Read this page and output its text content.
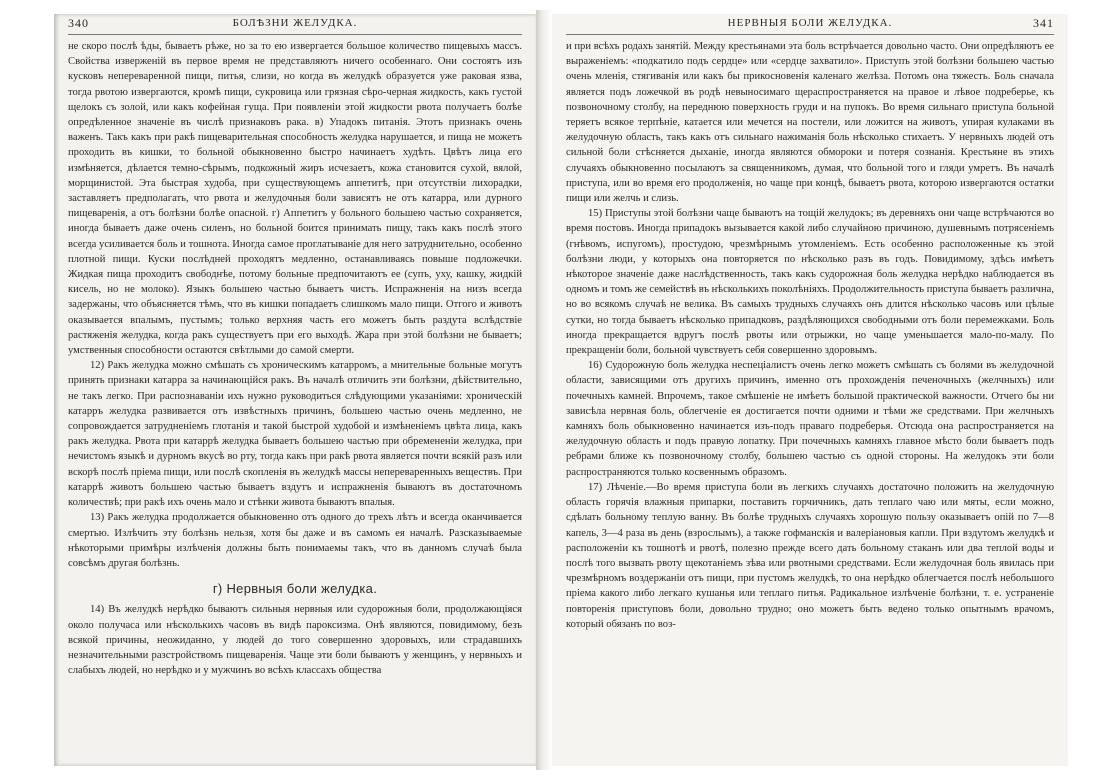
340	БОЛѢЗНИ ЖЕЛУДКА.

не скоро послѣ ѣды, бываетъ рѣже, но за то ею извергается большое количество пищевыхъ массъ. Свойства изверженій въ первое время не представляютъ ничего особеннаго. Они состоятъ изъ кусковъ непереваренной пищи, питья, слизи, но когда въ желудкѣ образуется уже раковая язва, тогда рвотою извергаются, кромѣ пищи, сукровица или грязная сѣро-черная жидкость, какъ густой щелокъ съ золой, или какъ кофейная гуща. При появленіи этой жидкости рвота получаетъ болѣе опредѣленное значеніе въ числѣ признаковъ рака. в) Упадокъ питанія. Этотъ признакъ очень важенъ. Такъ какъ при ракѣ пищеварительная способность желудка нарушается, и пища не можетъ проходить въ кишки, то больной обыкновенно быстро начинаетъ худѣть. Цвѣтъ лица его измѣняется, дѣлается темно-сѣрымъ, подкожный жиръ исчезаетъ, кожа становится сухой, вялой, морщинистой. Эта быстрая худоба, при существующемъ аппетитѣ, при отсутствіи лихорадки, заставляетъ предполагать, что рвота и желудочныя боли зависятъ не отъ катарра, или дурного пищеваренія, а отъ болѣзни болѣе опасной. г) Аппетитъ у больного большею частью сохраняется, иногда бываетъ даже очень силенъ, но больной боится принимать пищу, такъ какъ послѣ этого всегда усиливается боль и тошнота. Иногда самое проглатываніе для него затруднительно, особенно плотной пищи. Куски послѣдней проходятъ медленно, останавливаясь повыше подложечки. Жидкая пища проходитъ свободнѣе, потому больные предпочитаютъ ее (супъ, уху, кашку, жидкій кисель, но не молоко). Языкъ большею частью бываетъ чистъ. Испражненія на низъ всегда задержаны, что объясняется тѣмъ, что въ кишки попадаетъ слишкомъ мало пищи. Отгого и животъ оказывается впалымъ, пустымъ; только верхняя часть его можетъ быть раздута вслѣдствіе растяженія желудка, когда ракъ существуетъ при его выходѣ. Жара при этой болѣзни не бываетъ; умственныя способности остаются свѣтлыми до самой смерти.

12) Ракъ желудка можно смѣшать съ хроническимъ катарромъ, а мнительные больные могутъ принять признаки катарра за начинающійся ракъ. Въ началѣ отличить эти болѣзни, дѣйствительно, не такъ легко. При распознаваніи ихъ нужно руководиться слѣдующими указаніями: хроническій катарръ желудка развивается отъ извѣстныхъ причинъ, большею частью очень медленно, не сопровождается затрудненіемъ глотанія и такой быстрой худобой и измѣненіемъ цвѣта лица, какъ ракъ желудка. Рвота при катаррѣ желудка бываетъ большею частью при обремененіи желудка, при нечистомъ языкѣ и дурномъ вкусѣ во рту, тогда какъ при ракѣ рвота является почти всякій разъ или вскорѣ послѣ пріема пищи, или послѣ скопленія въ желудкѣ массы непереваренныхъ веществъ. При катаррѣ животъ большею частью бываетъ вздутъ и испражненія бываютъ въ достаточномъ количествѣ; при ракѣ ихъ очень мало и стѣнки живота бываютъ впалыя.

13) Ракъ желудка продолжается обыкновенно отъ одного до трехъ лѣтъ и всегда оканчивается смертью. Излѣчить эту болѣзнь нельзя, хотя бы даже и въ самомъ ея началѣ. Разсказываемые нѣкоторыми примѣры излѣченія должны быть понимаемы такъ, что въ данномъ случаѣ была совсѣмъ другая болѣзнь.

г) Нервныя боли желудка.

14) Въ желудкѣ нерѣдко бываютъ сильныя нервныя или судорожныя боли, продолжающіяся около получаса или нѣсколькихъ часовъ въ видѣ пароксизма. Онѣ являются, повидимому, безъ всякой причины, неожиданно, у людей до того совершенно здоровыхъ, или страдавшихъ незначительными разстройствомъ пищеваренія. Чаще эти боли бываютъ у женщинъ, у нервныхъ и слабыхъ людей, но нерѣдко и у мужчинъ во всѣхъ классахъ общества

НЕРВНЫЯ БОЛИ ЖЕЛУДКА.	341

и при всѣхъ родахъ занятій. Между крестьянами эта боль встрѣчается довольно часто. Они опредѣляютъ ее выраженіемъ: «подкатило подъ сердце» или «сердце захватило». Приступъ этой болѣзни большею частью очень мленія, стягиванія или какъ бы прикосновенія каленаго желѣза. Потомъ она тяжесть. Боль сначала является подъ ложечкой въ родѣ невыносимаго щераспространяется на правое и лѣвое подреберье, къ позвоночному столбу, на переднюю поверхность груди и на пупокъ. Во время сильнаго приступа больной теряетъ всякое терпѣніе, катается или мечется на постели, или ложится на животъ, упирая кулаками въ желудочную область, такъ какъ отъ сильнаго нажиманія боль нѣсколько стихаетъ. У нервныхъ людей отъ сильной боли стѣсняется дыханіе, иногда являются обмороки и потеря сознанія. Крестьяне въ этихъ случаяхъ обыкновенно посылаютъ за священникомъ, думая, что больной того и гляди умретъ. Въ началѣ приступа, или во время его продолженія, но чаще при концѣ, бываетъ рвота, которою извергаются остатки пищи или желчь и слизь.

15) Приступы этой болѣзни чаще бываютъ на тощій желудокъ; въ деревняхъ они чаще встрѣчаются во время постовъ. Иногда припадокъ вызывается какой либо случайною причиною, душевнымъ потрясеніемъ (гнѣвомъ, испугомъ), простудою, чрезмѣрнымъ утомленіемъ. Есть особенно расположенные къ этой болѣзни люди, у которыхъ она повторяется по нѣсколько разъ въ годъ. Повидимому, здѣсь имѣетъ нѣкоторое значеніе даже наслѣдственность, такъ какъ судорожная боль желудка нерѣдко наблюдается въ одномъ и томъ же семействѣ въ нѣсколькихъ поколѣніяхъ. Продолжительность приступа бываетъ различна, но во всякомъ случаѣ не велика. Въ самыхъ трудныхъ случаяхъ онъ длится нѣсколько часовъ или цѣлые сутки, но тогда бываетъ нѣсколько припадковъ, раздѣляющихся свободными отъ боли перемежками. Боль иногда прекращается вдругъ послѣ рвоты или отрыжки, но чаще уменьшается мало-по-малу. По прекращеніи боли, больной чувствуетъ себя совершенно здоровымъ.

16) Судорожную боль желудка неспеціалистъ очень легко можетъ смѣшать съ болями въ желудочной области, зависящими отъ другихъ причинъ, именно отъ прохожденія печеночныхъ (желчныхъ) или почечныхъ камней. Впрочемъ, такое смѣшеніе не имѣетъ большой практической важности. Отчего бы ни зависѣла нервная боль, облегченіе ея достигается почти одними и тѣми же средствами. При желчныхъ камняхъ боль обыкновенно начинается изъ-подъ праваго подреберья. Отсюда она распространяется на желудочную область и подъ правую лопатку. При почечныхъ камняхъ главное мѣсто боли бываетъ подъ ребрами ближе къ позвоночному столбу, большею частью съ одной стороны. На желудокъ эти боли распространяются только косвеннымъ образомъ.

17) Лѣченіе.—Во время приступа боли въ легкихъ случаяхъ достаточно положить на желудочную область горячія влажныя припарки, поставить горчичникъ, дать теплаго чаю или мяты, если можно, сдѣлать больному теплую ванну. Въ болѣе трудныхъ случаяхъ хорошую пользу оказываетъ опій по 7—8 капель, 3—4 раза въ день (взрослымъ), а также гофманскія и валеріановыя капли. При вздутомъ желудкѣ и расположеніи къ тошнотѣ и рвотѣ, полезно прежде всего дать больному стаканъ или два теплой воды и послѣ того вызвать рвоту щекотаніемъ зѣва или рвотными средствами. Если желудочная боль явилась при чрезмѣрномъ воздержаніи отъ пищи, при пустомъ желудкѣ, то она нерѣдко облегчается послѣ небольшого пріема какого либо легкаго кушанья или теплаго питья. Радикальное излѣченіе болѣзни, т. е. устраненіе повторенія приступовъ боли, довольно трудно; оно можетъ быть ведено только опытнымъ врачомъ, который обязанъ по воз-
